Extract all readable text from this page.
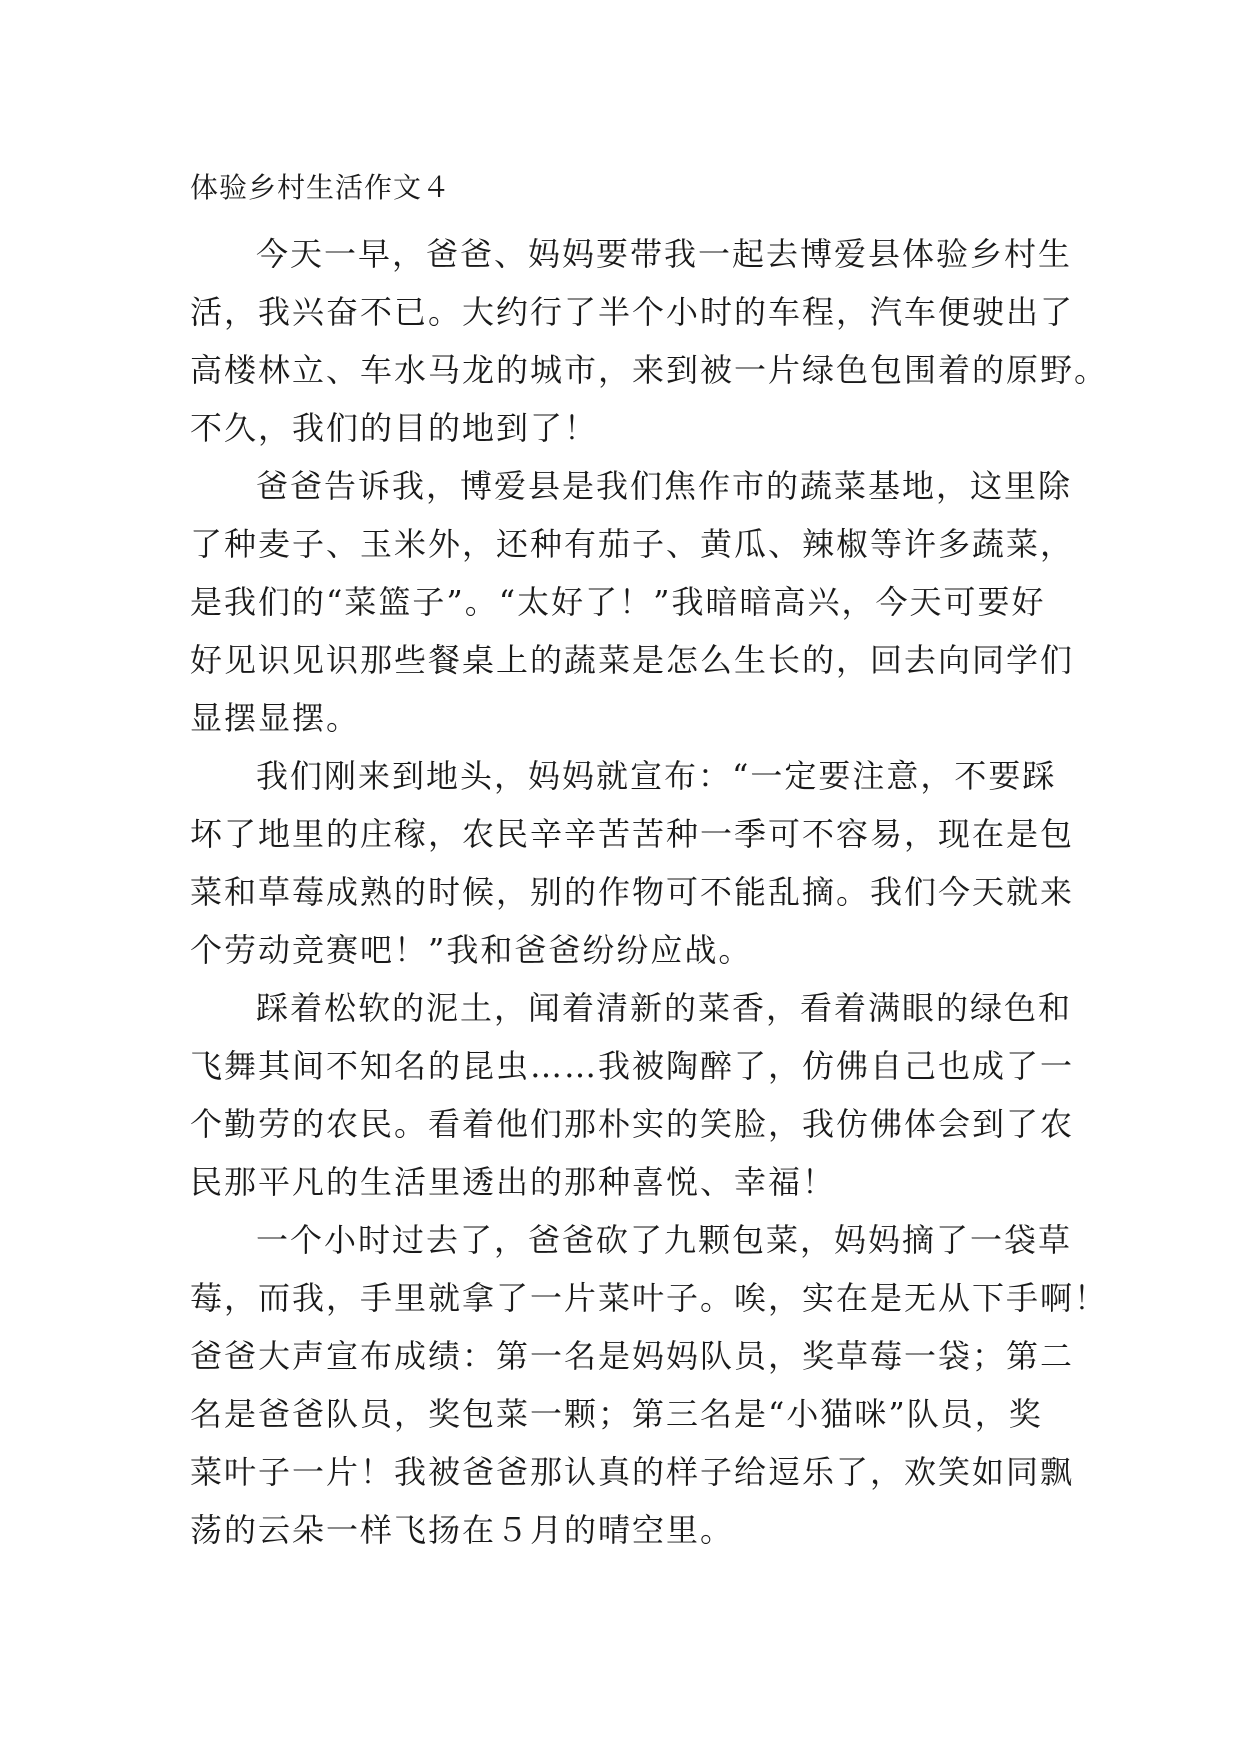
体验乡村生活作文４
今天一早，爸爸、妈妈要带我一起去博爱县体验乡村生
活，我兴奋不已。大约行了半个小时的车程，汽车便驶出了
高楼林立、车水马龙的城市，来到被一片绿色包围着的原野。
不久，我们的目的地到了！
爸爸告诉我，博爱县是我们焦作市的蔬菜基地，这里除
了种麦子、玉米外，还种有茄子、黄瓜、辣椒等许多蔬菜，
是我们的“菜篮子”。“太好了！”我暗暗高兴，今天可要好
好见识见识那些餐桌上的蔬菜是怎么生长的，回去向同学们
显摆显摆。
我们刚来到地头，妈妈就宣布：“一定要注意，不要踩
坏了地里的庄稼，农民辛辛苦苦种一季可不容易，现在是包
菜和草莓成熟的时候，别的作物可不能乱摘。我们今天就来
个劳动竞赛吧！”我和爸爸纷纷应战。
踩着松软的泥土，闻着清新的菜香，看着满眼的绿色和
飞舞其间不知名的昆虫……我被陶醉了，仿佛自己也成了一
个勤劳的农民。看着他们那朴实的笑脸，我仿佛体会到了农
民那平凡的生活里透出的那种喜悦、幸福！
一个小时过去了，爸爸砍了九颗包菜，妈妈摘了一袋草
莓，而我，手里就拿了一片菜叶子。唉，实在是无从下手啊！
爸爸大声宣布成绩：第一名是妈妈队员，奖草莓一袋；第二
名是爸爸队员，奖包菜一颗；第三名是“小猫咪”队员，奖
菜叶子一片！我被爸爸那认真的样子给逗乐了，欢笑如同飘
荡的云朵一样飞扬在５月的晴空里。
